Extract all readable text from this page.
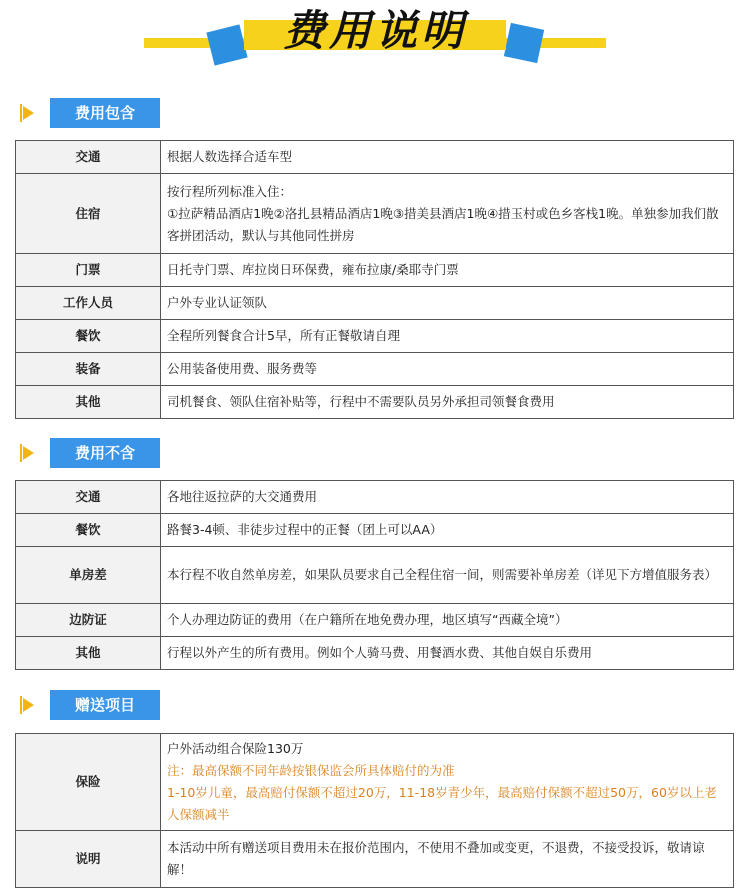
费用说明
费用包含
交通	根据人数选择合适车型
住宿	按行程所列标准入住：
①拉萨精品酒店1晚②洛扎县精品酒店1晚③措美县酒店1晚④措玉村或色乡客栈1晚。单独参加我们散客拼团活动，默认与其他同性拼房

门票	日托寺门票、库拉岗日环保费，雍布拉康/桑耶寺门票
工作人员	户外专业认证领队
餐饮	全程所列餐食合计5早，所有正餐敬请自理
装备	公用装备使用费、服务费等
其他	司机餐食、领队住宿补贴等，行程中不需要队员另外承担司领餐食费用
费用不含
交通	各地往返拉萨的大交通费用
餐饮	路餐3-4顿、非徒步过程中的正餐（团上可以AA）
单房差	本行程不收自然单房差，如果队员要求自己全程住宿一间，则需要补单房差（详见下方增值服务表）
边防证	个人办理边防证的费用（在户籍所在地免费办理，地区填写“西藏全境”）
其他	行程以外产生的所有费用。例如个人骑马费、用餐酒水费、其他自娱自乐费用
赠送项目
保险	户外活动组合保险130万
注：最高保额不同年龄按银保监会所具体赔付的为准
1-10岁儿童，最高赔付保额不超过20万，11-18岁青少年，最高赔付保额不超过50万，60岁以上老人保额减半

说明	本活动中所有赠送项目费用未在报价范围内，不使用不叠加或变更，不退费，不接受投诉，敬请谅解！
